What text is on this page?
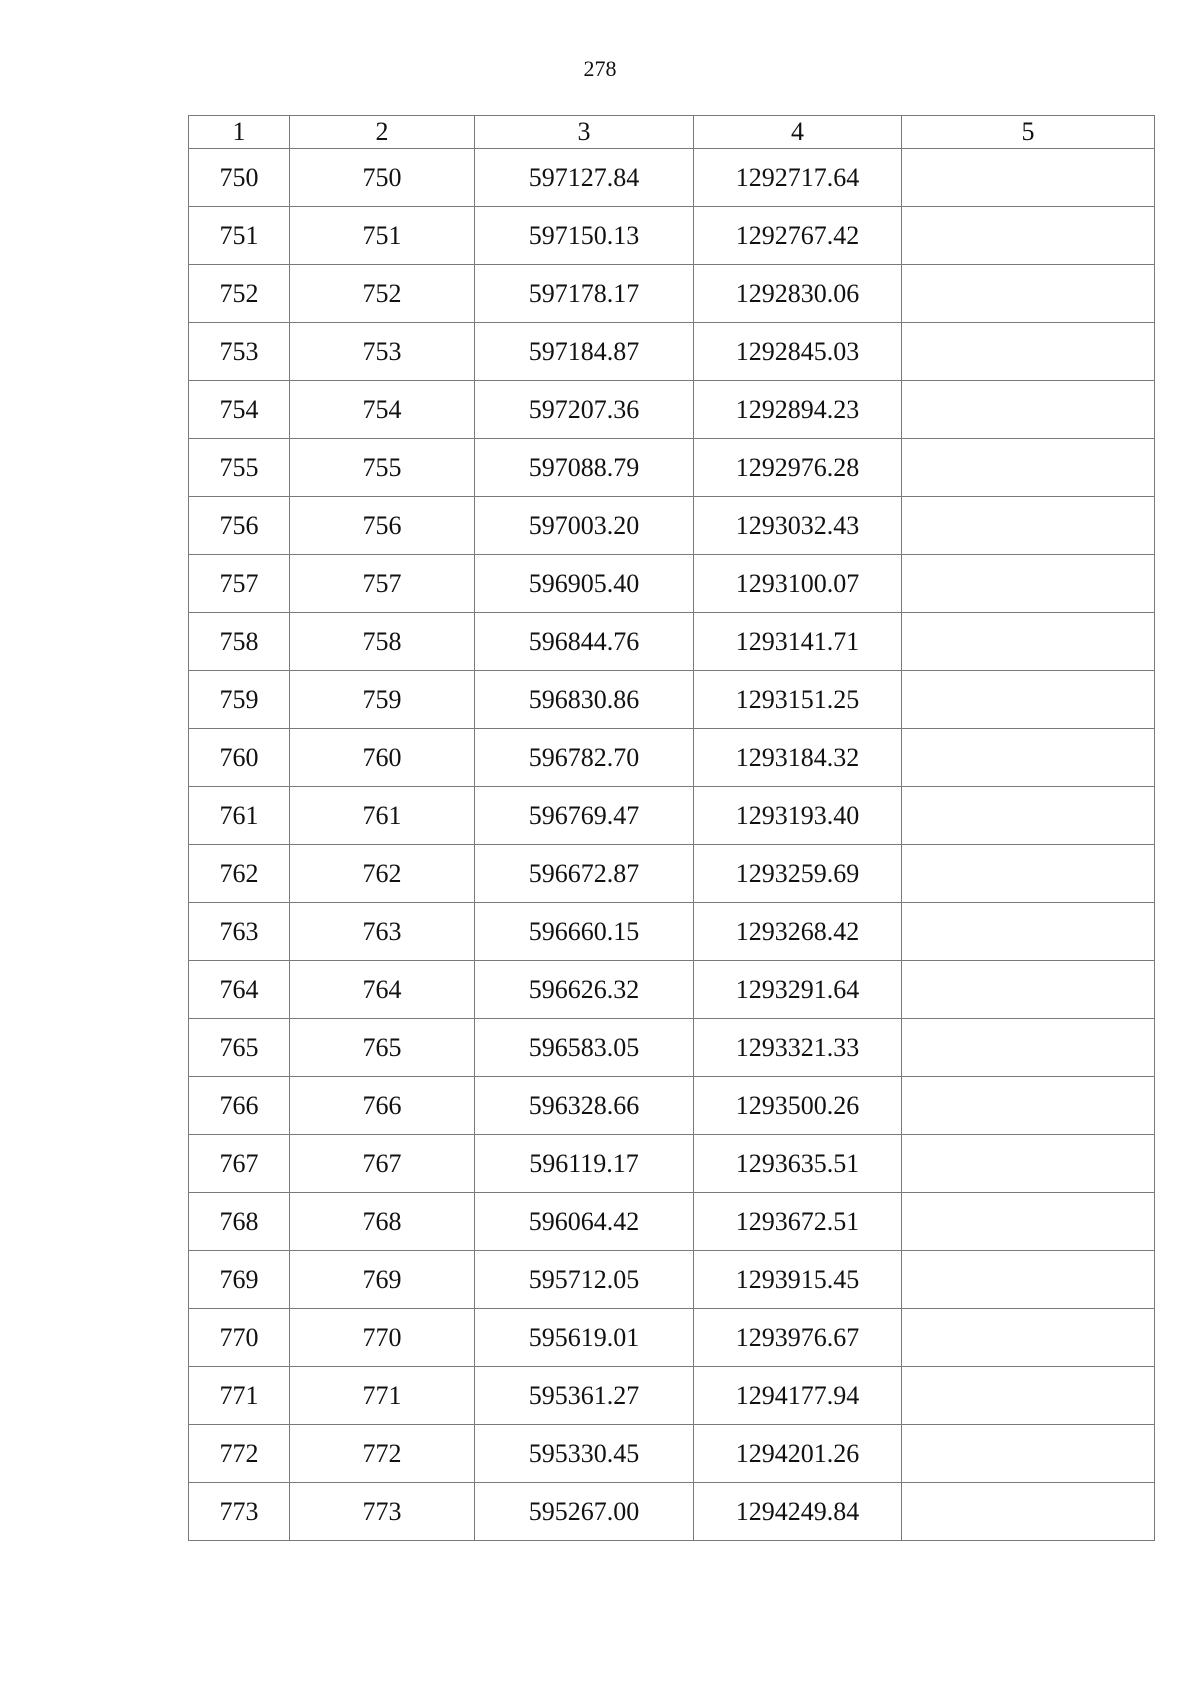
278
1	2	3	4	5
750	750	597127.84	1292717.64	
751	751	597150.13	1292767.42	
752	752	597178.17	1292830.06	
753	753	597184.87	1292845.03	
754	754	597207.36	1292894.23	
755	755	597088.79	1292976.28	
756	756	597003.20	1293032.43	
757	757	596905.40	1293100.07	
758	758	596844.76	1293141.71	
759	759	596830.86	1293151.25	
760	760	596782.70	1293184.32	
761	761	596769.47	1293193.40	
762	762	596672.87	1293259.69	
763	763	596660.15	1293268.42	
764	764	596626.32	1293291.64	
765	765	596583.05	1293321.33	
766	766	596328.66	1293500.26	
767	767	596119.17	1293635.51	
768	768	596064.42	1293672.51	
769	769	595712.05	1293915.45	
770	770	595619.01	1293976.67	
771	771	595361.27	1294177.94	
772	772	595330.45	1294201.26	
773	773	595267.00	1294249.84	
